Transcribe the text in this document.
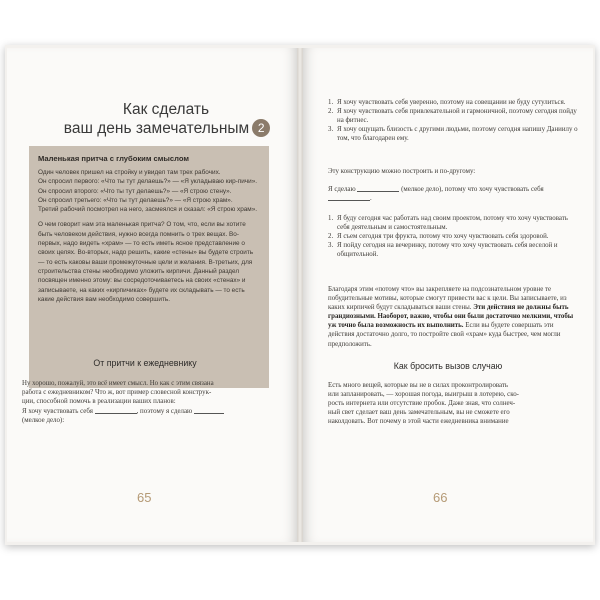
Как сделать
ваш день замечательным 2
Маленькая притча с глубоким смыслом

Один человек пришел на стройку и увидел там трех рабочих.

Он спросил первого: «Что ты тут делаешь?» — «Я укладываю кир-пичи».

Он спросил второго: «Что ты тут делаешь?» — «Я строю стену».

Он спросил третьего: «Что ты тут делаешь?» — «Я строю храм».

Третий рабочий посмотрел на него, засмеялся и сказал: «Я строю храм».

О чем говорит нам эта маленькая притча? О том, что, если вы хотите быть человеком действия, нужно всегда помнить о трех вещах. Во-первых, надо видеть «храм» — то есть иметь ясное представление о своих целях. Во-вторых, надо решить, какие «стены» вы будете строить — то есть каковы ваши промежуточные цели и желания. В-третьих, для строительства стены необходимо уложить кирпичи. Данный раздел посвящен именно этому: вы сосредоточиваетесь на своих «стенах» и записываете, на каких «кирпичиках» будете их складывать — то есть какие действия вам необходимо совершить.

От притчи к ежедневнику
Ну хорошо, пожалуй, это всё имеет смысл. Но как с этим связана
работа с ежедневником? Что ж, вот пример словесной конструк-
ции, способной помочь в реализации ваших планов:
Я хочу чувствовать себя	, поэтому я сделаю
(мелкое дело):
65
1. Я хочу чувствовать себя уверенно, поэтому на совещании не буду сутулиться.
2. Я хочу чувствовать себя привлекательной и гармоничной, поэтому сегодня пойду на фитнес.
3. Я хочу ощущать близость с другими людьми, поэтому сегодня напишу Даниилу о том, что благодарен ему.
Эту конструкцию можно построить и по-другому:
Я сделаю	(мелкое дело), потому что хочу чувствовать себя .
1. Я буду сегодня час работать над своим проектом, потому что хочу чувствовать себя деятельным и самостоятельным.
2. Я съем сегодня три фрукта, потому что хочу чувствовать себя здоровой.
3. Я пойду сегодня на вечеринку, потому что хочу чувствовать себя веселой и общительной.
Благодаря этим «потому что» вы закрепляете на подсознательном уровне те побудительные мотивы, которые смогут привести вас к цели. Вы записываете, из каких кирпичей будут складываться ваши стены. Эти действия не должны быть грандиозными. Наоборот, важно, чтобы они были достаточно мелкими, чтобы уж точно была возможность их выполнить. Если вы будете совершать эти действия достаточно долго, то постройте свой «храм» куда быстрее, чем могли предположить.
Как бросить вызов случаю
Есть много вещей, которые вы не в силах проконтролировать
или запланировать, — хорошая погода, выигрыш в лотерею, ско-
рость интернета или отсутствие пробок. Даже зная, что солнеч-
ный свет сделает ваш день замечательным, вы не сможете его
наколдовать. Вот почему в этой части ежедневника внимание
66
